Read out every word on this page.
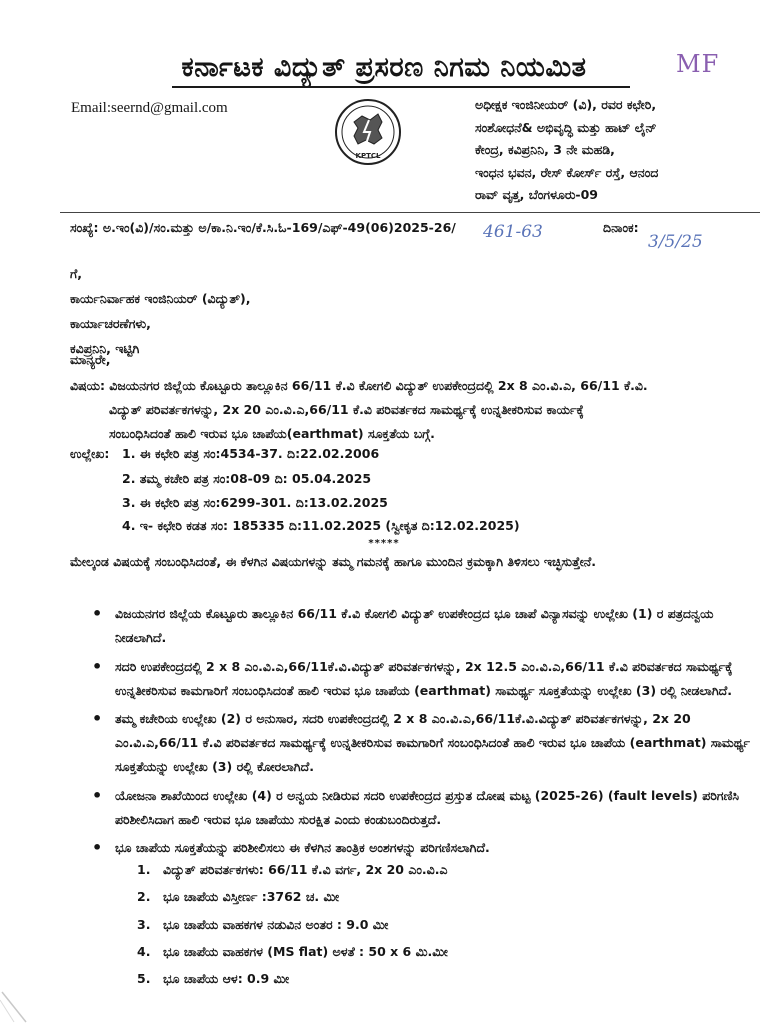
ಕರ್ನಾಟಕ ವಿದ್ಯುತ್ ಪ್ರಸರಣ ನಿಗಮ ನಿಯಮಿತ	MF
Email:seernd@gmail.com
KPTCL
ಅಧೀಕ್ಷಕ ಇಂಜಿನೀಯರ್ (ವಿ), ರವರ ಕಛೇರಿ,
ಸಂಶೋಧನೆ& ಅಭಿವೃದ್ಧಿ ಮತ್ತು ಹಾಟ್ ಲೈನ್
ಕೇಂದ್ರ, ಕವಿಪ್ರನಿನಿ, 3 ನೇ ಮಹಡಿ,
ಇಂಧನ ಭವನ, ರೇಸ್ ಕೋರ್ಸ್ ರಸ್ತೆ, ಆನಂದ
ರಾವ್ ವೃತ್ತ, ಬೆಂಗಳೂರು-09
ಸಂಖ್ಯೆ: ಅ.ಇಂ(ವಿ)/ಸಂ.ಮತ್ತು ಅ/ಕಾ.ನಿ.ಇಂ/ಕೆ.ಸಿ.ಓ-169/ಎಫ್-49(06)2025-26/ 461-63	ದಿನಾಂಕ:
3/5/25
ಗೆ,
ಕಾರ್ಯನಿರ್ವಾಹಕ ಇಂಜಿನಿಯರ್ (ವಿದ್ಯುತ್),
ಕಾರ್ಯಾಚರಣೆಗಳು,
ಕವಿಪ್ರನಿನಿ, ಇಟ್ಟಿಗಿ
ಮಾನ್ಯರೇ,
ವಿಷಯ: ವಿಜಯನಗರ ಜಿಲ್ಲೆಯ ಕೊಟ್ಟೂರು ತಾಲ್ಲೂಕಿನ 66/11 ಕೆ.ವಿ ಕೋಗಲಿ ವಿದ್ಯುತ್ ಉಪಕೇಂದ್ರದಲ್ಲಿ 2x 8 ಎಂ.ವಿ.ಎ, 66/11 ಕೆ.ವಿ.
ವಿದ್ಯುತ್ ಪರಿವರ್ತಕಗಳನ್ನು, 2x 20 ಎಂ.ವಿ.ಎ,66/11 ಕೆ.ವಿ ಪರಿವರ್ತಕದ ಸಾಮರ್ಥ್ಯಕ್ಕೆ ಉನ್ನತೀಕರಿಸುವ ಕಾರ್ಯಕ್ಕೆ
ಸಂಬಂಧಿಸಿದಂತೆ ಹಾಲಿ ಇರುವ ಭೂ ಚಾಪೆಯ(earthmat) ಸೂಕ್ತತೆಯ ಬಗ್ಗೆ.
ಉಲ್ಲೇಖ: 1. ಈ ಕಛೇರಿ ಪತ್ರ ಸಂ:4534-37. ದಿ:22.02.2006
2. ತಮ್ಮ ಕಚೇರಿ ಪತ್ರ ಸಂ:08-09 ದಿ: 05.04.2025
3. ಈ ಕಛೇರಿ ಪತ್ರ ಸಂ:6299-301. ದಿ:13.02.2025
4. ಇ- ಕಛೇರಿ ಕಡತ ಸಂ: 185335 ದಿ:11.02.2025 (ಸ್ವೀಕೃತ ದಿ:12.02.2025)
*****
ಮೇಲ್ಕಂಡ ವಿಷಯಕ್ಕೆ ಸಂಬಂಧಿಸಿದಂತೆ, ಈ ಕೆಳಗಿನ ವಿಷಯಗಳನ್ನು ತಮ್ಮ ಗಮನಕ್ಕೆ ಹಾಗೂ ಮುಂದಿನ ಕ್ರಮಕ್ಕಾಗಿ ತಿಳಿಸಲು ಇಚ್ಛಿಸುತ್ತೇನೆ.
• ವಿಜಯನಗರ ಜಿಲ್ಲೆಯ ಕೊಟ್ಟೂರು ತಾಲ್ಲೂಕಿನ 66/11 ಕೆ.ವಿ ಕೋಗಲಿ ವಿದ್ಯುತ್ ಉಪಕೇಂದ್ರದ ಭೂ ಚಾಪೆ ವಿನ್ಯಾಸವನ್ನು ಉಲ್ಲೇಖ (1) ರ ಪತ್ರದನ್ವಯ ನೀಡಲಾಗಿದೆ.
• ಸದರಿ ಉಪಕೇಂದ್ರದಲ್ಲಿ 2 x 8 ಎಂ.ವಿ.ಎ,66/11ಕೆ.ವಿ.ವಿದ್ಯುತ್ ಪರಿವರ್ತಕಗಳನ್ನು, 2x 12.5 ಎಂ.ವಿ.ಎ,66/11 ಕೆ.ವಿ ಪರಿವರ್ತಕದ ಸಾಮರ್ಥ್ಯಕ್ಕೆ ಉನ್ನತೀಕರಿಸುವ ಕಾಮಗಾರಿಗೆ ಸಂಬಂಧಿಸಿದಂತೆ ಹಾಲಿ ಇರುವ ಭೂ ಚಾಪೆಯ (earthmat) ಸಾಮರ್ಥ್ಯ ಸೂಕ್ತತೆಯನ್ನು ಉಲ್ಲೇಖ (3) ರಲ್ಲಿ ನೀಡಲಾಗಿದೆ.
• ತಮ್ಮ ಕಚೇರಿಯ ಉಲ್ಲೇಖ (2) ರ ಅನುಸಾರ, ಸದರಿ ಉಪಕೇಂದ್ರದಲ್ಲಿ 2 x 8 ಎಂ.ವಿ.ಎ,66/11ಕೆ.ವಿ.ವಿದ್ಯುತ್ ಪರಿವರ್ತಕಗಳನ್ನು, 2x 20 ಎಂ.ವಿ.ಎ,66/11 ಕೆ.ವಿ ಪರಿವರ್ತಕದ ಸಾಮರ್ಥ್ಯಕ್ಕೆ ಉನ್ನತೀಕರಿಸುವ ಕಾಮಗಾರಿಗೆ ಸಂಬಂಧಿಸಿದಂತೆ ಹಾಲಿ ಇರುವ ಭೂ ಚಾಪೆಯ (earthmat) ಸಾಮರ್ಥ್ಯ ಸೂಕ್ತತೆಯನ್ನು ಉಲ್ಲೇಖ (3) ರಲ್ಲಿ ಕೋರಲಾಗಿದೆ.
• ಯೋಜನಾ ಶಾಖೆಯಿಂದ ಉಲ್ಲೇಖ (4) ರ ಅನ್ವಯ ನೀಡಿರುವ ಸದರಿ ಉಪಕೇಂದ್ರದ ಪ್ರಸ್ತುತ ದೋಷ ಮಟ್ಟ (2025-26) (fault levels) ಪರಿಗಣಿಸಿ ಪರಿಶೀಲಿಸಿದಾಗ ಹಾಲಿ ಇರುವ ಭೂ ಚಾಪೆಯು ಸುರಕ್ಷಿತ ಎಂದು ಕಂಡುಬಂದಿರುತ್ತದೆ.
• ಭೂ ಚಾಪೆಯ ಸೂಕ್ತತೆಯನ್ನು ಪರಿಶೀಲಿಸಲು ಈ ಕೆಳಗಿನ ತಾಂತ್ರಿಕ ಅಂಶಗಳನ್ನು ಪರಿಗಣಿಸಲಾಗಿದೆ.
1. ವಿದ್ಯುತ್ ಪರಿವರ್ತಕಗಳು: 66/11 ಕೆ.ವಿ ವರ್ಗ, 2x 20 ಎಂ.ವಿ.ಎ
2. ಭೂ ಚಾಪೆಯ ವಿಸ್ತೀರ್ಣ :3762 ಚ. ಮೀ
3. ಭೂ ಚಾಪೆಯ ವಾಹಕಗಳ ನಡುವಿನ ಅಂತರ : 9.0 ಮೀ
4. ಭೂ ಚಾಪೆಯ ವಾಹಕಗಳ (MS flat) ಅಳತೆ : 50 x 6 ಮಿ.ಮೀ
5. ಭೂ ಚಾಪೆಯ ಆಳ: 0.9 ಮೀ
